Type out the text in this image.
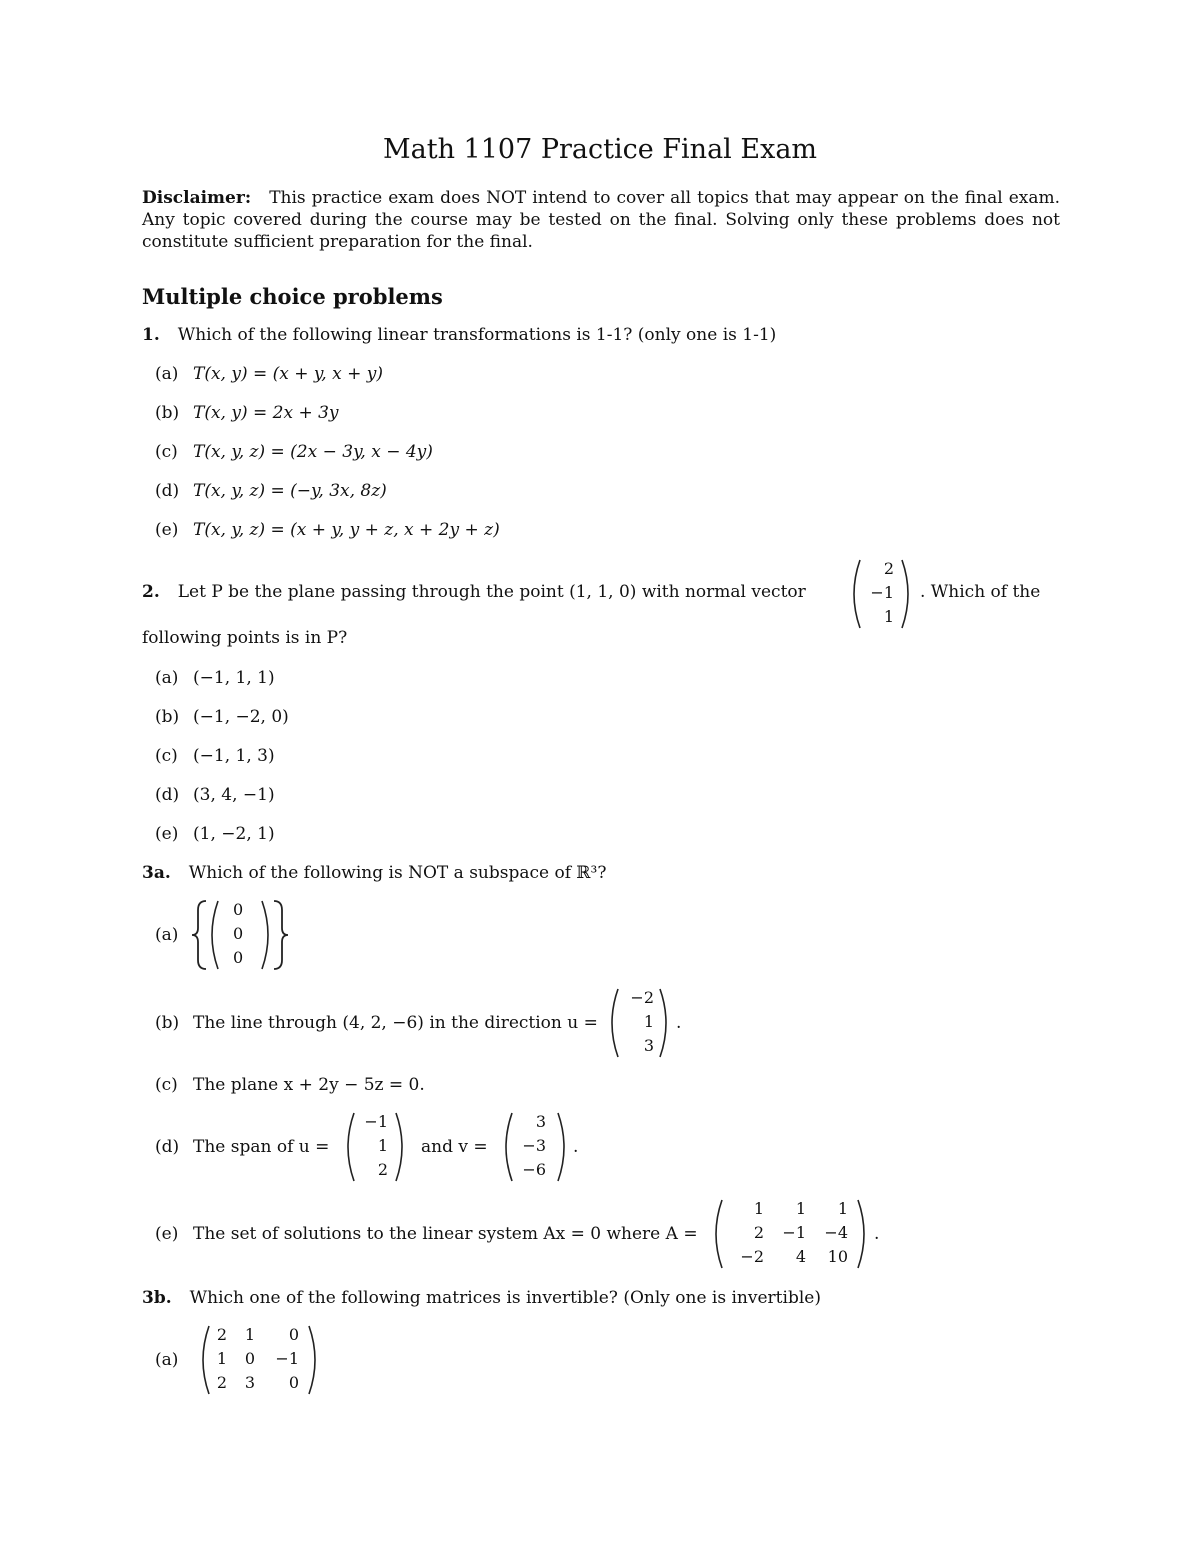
Math 1107 Practice Final Exam
Disclaimer: This practice exam does NOT intend to cover all topics that may appear on the final exam. Any topic covered during the course may be tested on the final. Solving only these problems does not constitute sufficient preparation for the final.
Multiple choice problems
1. Which of the following linear transformations is 1-1? (only one is 1-1)
(a) T(x, y) = (x + y, x + y)
(b) T(x, y) = 2x + 3y
(c) T(x, y, z) = (2x − 3y, x − 4y)
(d) T(x, y, z) = (−y, 3x, 8z)
(e) T(x, y, z) = (x + y, y + z, x + 2y + z)
2. Let P be the plane passing through the point (1, 1, 0) with normal vector
2
−1
1
. Which of the
following points is in P?
(a) (−1, 1, 1)
(b) (−1, −2, 0)
(c) (−1, 1, 3)
(d) (3, 4, −1)
(e) (1, −2, 1)
3a. Which of the following is NOT a subspace of ℝ³?
(a)
0
0
0
(b) The line through (4, 2, −6) in the direction u =
−2
1
3
.
(c) The plane x + 2y − 5z = 0.
(d) The span of u =
−1
1
2
and v =
3
−3
−6
.
(e) The set of solutions to the linear system Ax = 0 where A =
1 1 1
2 −1 −4
−2 4 10
.
3b. Which one of the following matrices is invertible? (Only one is invertible)
(a)
2 1 0
1 0 −1
2 3 0
